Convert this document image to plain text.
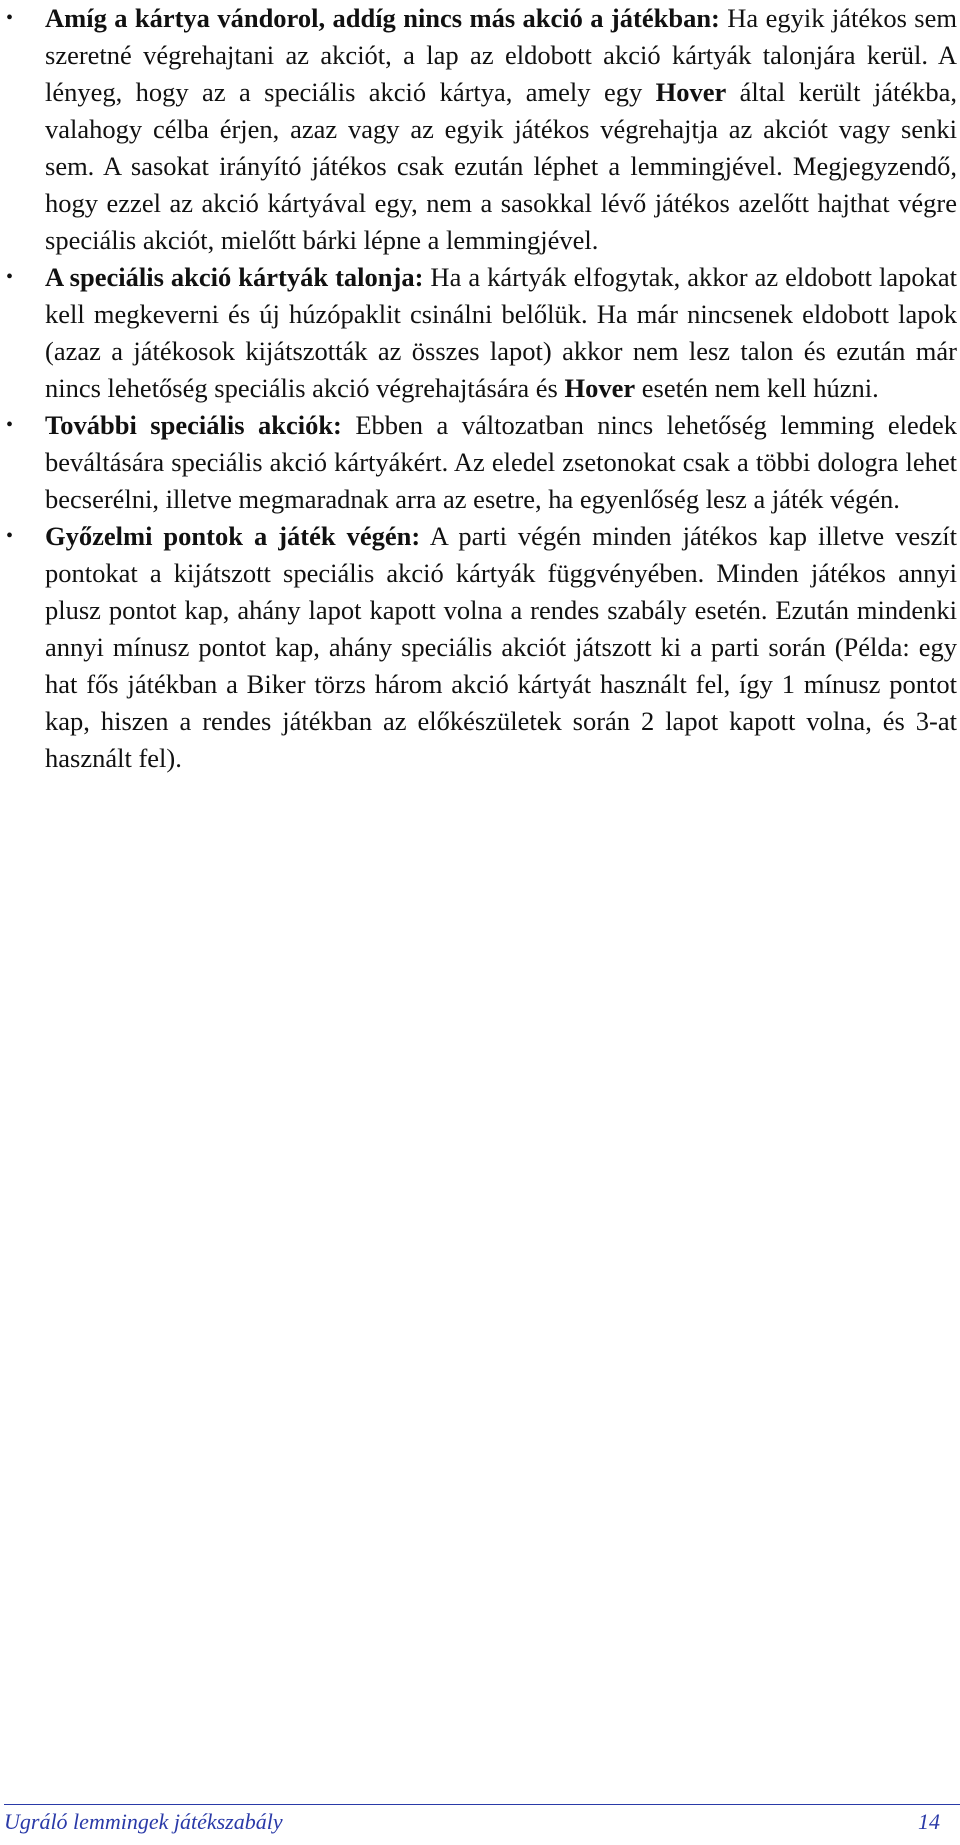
• Amíg a kártya vándorol, addíg nincs más akció a játékban: Ha egyik játékos sem szeretné végrehajtani az akciót, a lap az eldobott akció kártyák talonjára kerül. A lényeg, hogy az a speciális akció kártya, amely egy Hover által került játékba, valahogy célba érjen, azaz vagy az egyik játékos végrehajtja az akciót vagy senki sem. A sasokat irányító játékos csak ezután léphet a lemmingjével. Megjegyzendő, hogy ezzel az akció kártyával egy, nem a sasokkal lévő játékos azelőtt hajthat végre speciális akciót, mielőtt bárki lépne a lemmingjével.
• A speciális akció kártyák talonja: Ha a kártyák elfogytak, akkor az eldobott lapokat kell megkeverni és új húzópaklit csinálni belőlük. Ha már nincsenek eldobott lapok (azaz a játékosok kijátszották az összes lapot) akkor nem lesz talon és ezután már nincs lehetőség speciális akció végrehajtására és Hover esetén nem kell húzni.
• További speciális akciók: Ebben a változatban nincs lehetőség lemming eledek beváltására speciális akció kártyákért. Az eledel zsetonokat csak a többi dologra lehet becserélni, illetve megmaradnak arra az esetre, ha egyenlőség lesz a játék végén.
• Győzelmi pontok a játék végén: A parti végén minden játékos kap illetve veszít pontokat a kijátszott speciális akció kártyák függvényében. Minden játékos annyi plusz pontot kap, ahány lapot kapott volna a rendes szabály esetén. Ezután mindenki annyi mínusz pontot kap, ahány speciális akciót játszott ki a parti során (Példa: egy hat fős játékban a Biker törzs három akció kártyát használt fel, így 1 mínusz pontot kap, hiszen a rendes játékban az előkészületek során 2 lapot kapott volna, és 3-at használt fel).
Ugráló lemmingek játékszabály	14
